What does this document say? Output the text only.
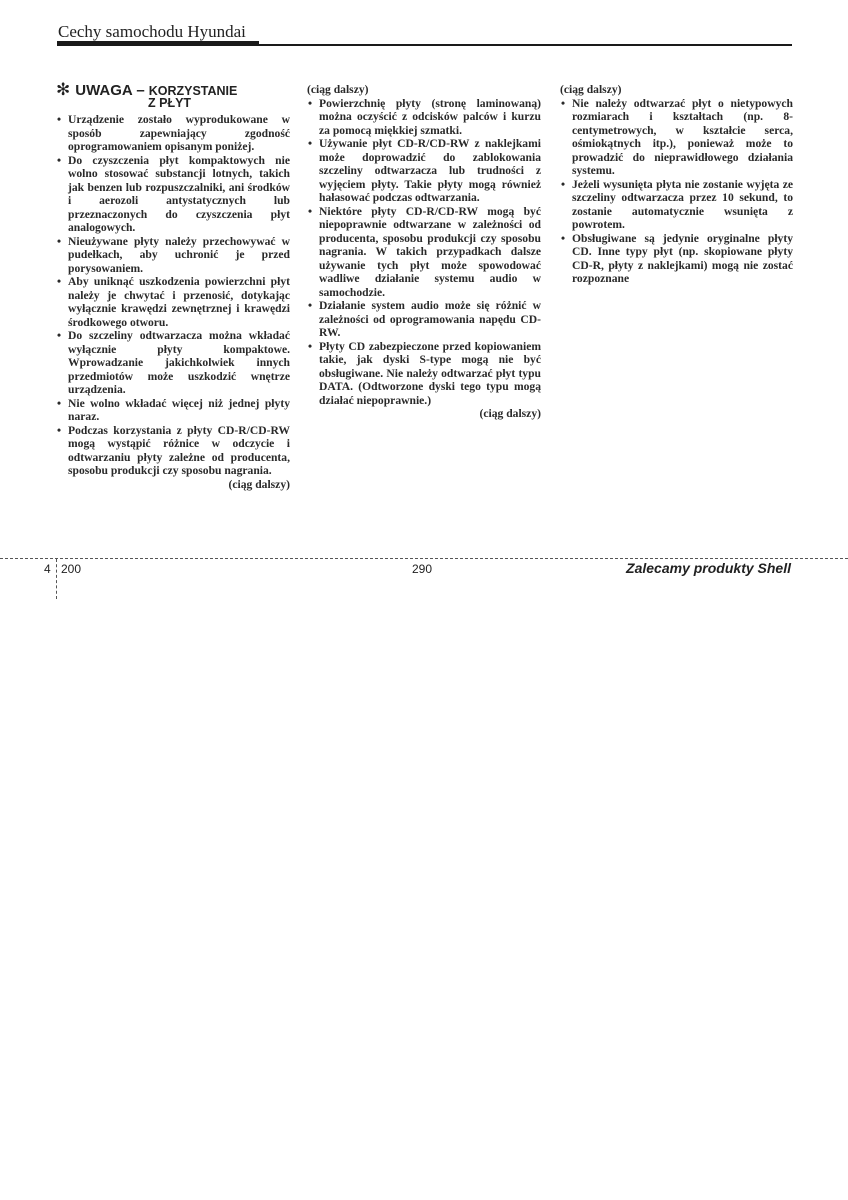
Cechy samochodu Hyundai
✻ UWAGA – KORZYSTANIE
Z PŁYT
• Urządzenie zostało wyprodukowane w sposób zapewniający zgodność oprogramowaniem opisanym poniżej.
• Do czyszczenia płyt kompaktowych nie wolno stosować substancji lotnych, takich jak benzen lub rozpuszczalniki, ani środków i aerozoli antystatycznych lub przeznaczonych do czyszczenia płyt analogowych.
• Nieużywane płyty należy przechowywać w pudełkach, aby uchronić je przed porysowaniem.
• Aby uniknąć uszkodzenia powierzchni płyt należy je chwytać i przenosić, dotykając wyłącznie krawędzi zewnętrznej i krawędzi środkowego otworu.
• Do szczeliny odtwarzacza można wkładać wyłącznie płyty kompaktowe. Wprowadzanie jakichkolwiek innych przedmiotów może uszkodzić wnętrze urządzenia.
• Nie wolno wkładać więcej niż jednej płyty naraz.
• Podczas korzystania z płyty CD-R/CD-RW mogą wystąpić różnice w odczycie i odtwarzaniu płyty zależne od producenta, sposobu produkcji czy sposobu nagrania.
(ciąg dalszy)
(ciąg dalszy)
• Powierzchnię płyty (stronę laminowaną) można oczyścić z odcisków palców i kurzu za pomocą miękkiej szmatki.
• Używanie płyt CD-R/CD-RW z naklejkami może doprowadzić do zablokowania szczeliny odtwarzacza lub trudności z wyjęciem płyty. Takie płyty mogą również hałasować podczas odtwarzania.
• Niektóre płyty CD-R/CD-RW mogą być niepoprawnie odtwarzane w zależności od producenta, sposobu produkcji czy sposobu nagrania. W takich przypadkach dalsze używanie tych płyt może spowodować wadliwe działanie systemu audio w samochodzie.
• Działanie system audio może się różnić w zależności od oprogramowania napędu CD-RW.
• Płyty CD zabezpieczone przed kopiowaniem takie, jak dyski S-type mogą nie być obsługiwane. Nie należy odtwarzać płyt typu DATA. (Odtworzone dyski tego typu mogą działać niepoprawnie.)
(ciąg dalszy)
(ciąg dalszy)
• Nie należy odtwarzać płyt o nietypowych rozmiarach i kształtach (np. 8-centymetrowych, w kształcie serca, ośmiokątnych itp.), ponieważ może to prowadzić do nieprawidłowego działania systemu.
• Jeżeli wysunięta płyta nie zostanie wyjęta ze szczeliny odtwarzacza przez 10 sekund, to zostanie automatycznie wsunięta z powrotem.
• Obsługiwane są jedynie oryginalne płyty CD. Inne typy płyt (np. skopiowane płyty CD-R, płyty z naklejkami) mogą nie zostać rozpoznane
4 200	290	Zalecamy produkty Shell
